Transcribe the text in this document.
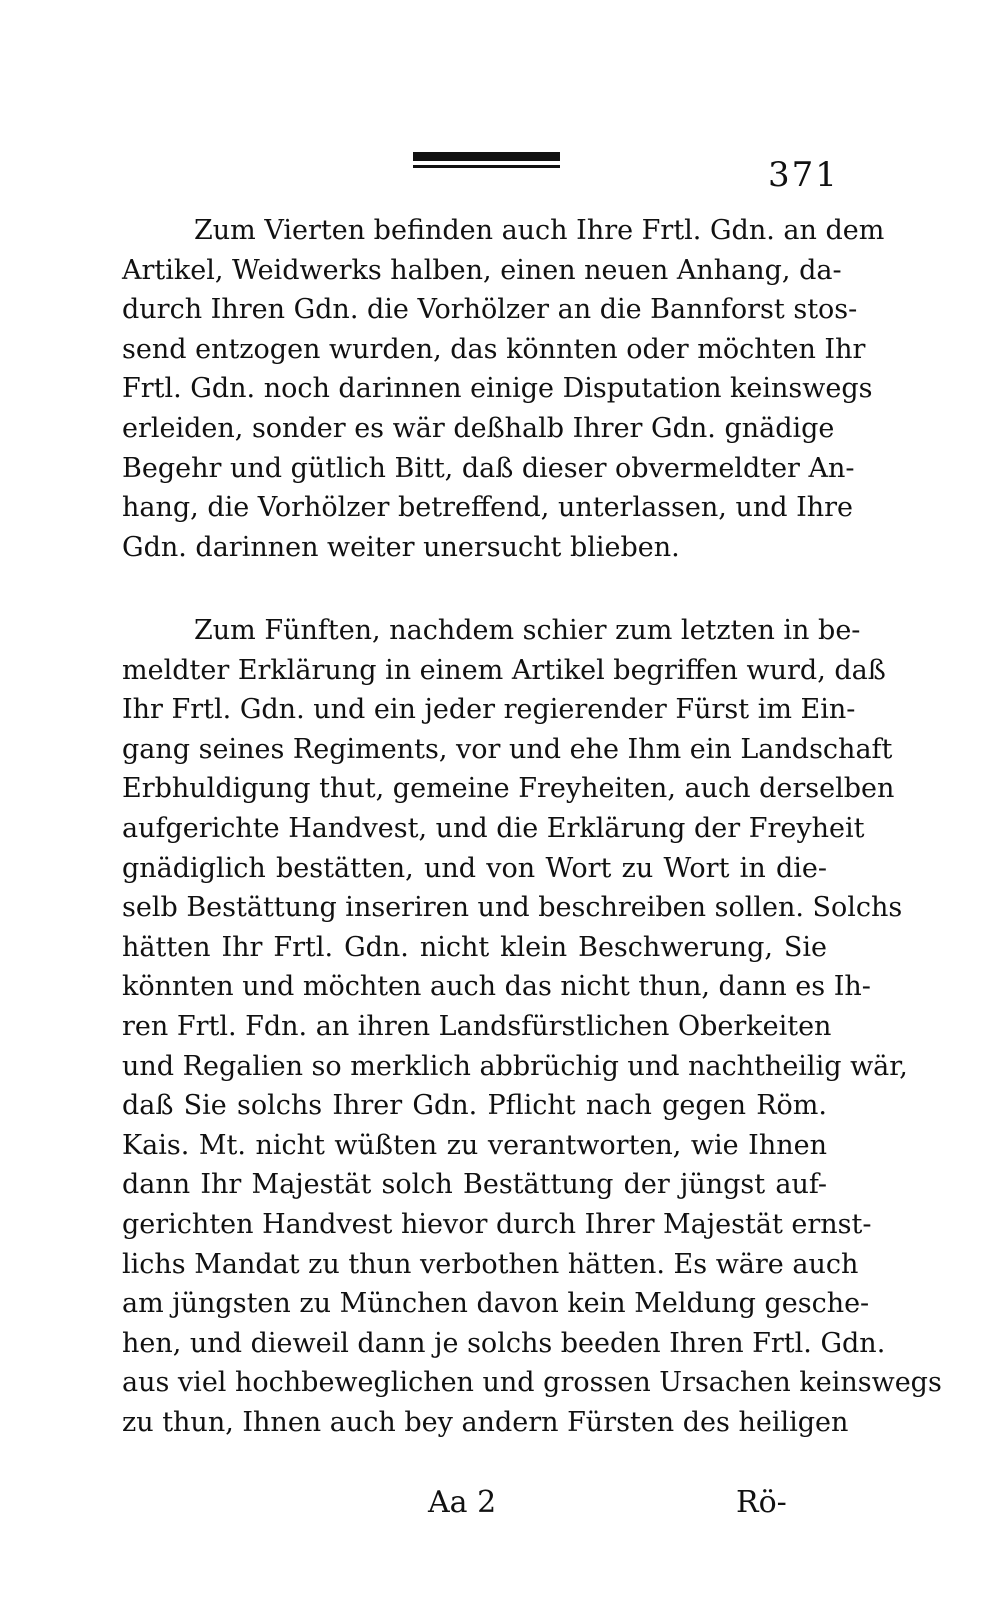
371
Zum Vierten befinden auch Ihre Frtl. Gdn. an dem
Artikel, Weidwerks halben, einen neuen Anhang, da-
durch Ihren Gdn. die Vorhölzer an die Bannforst stos-
send entzogen wurden, das könnten oder möchten Ihr
Frtl. Gdn. noch darinnen einige Disputation keinswegs
erleiden, sonder es wär deßhalb Ihrer Gdn. gnädige
Begehr und gütlich Bitt, daß dieser obvermeldter An-
hang, die Vorhölzer betreffend, unterlassen, und Ihre
Gdn. darinnen weiter unersucht blieben.
Zum Fünften, nachdem schier zum letzten in be-
meldter Erklärung in einem Artikel begriffen wurd, daß
Ihr Frtl. Gdn. und ein jeder regierender Fürst im Ein-
gang seines Regiments, vor und ehe Ihm ein Landschaft
Erbhuldigung thut, gemeine Freyheiten, auch derselben
aufgerichte Handvest, und die Erklärung der Freyheit
gnädiglich bestätten, und von Wort zu Wort in die-
selb Bestättung inseriren und beschreiben sollen. Solchs
hätten Ihr Frtl. Gdn. nicht klein Beschwerung, Sie
könnten und möchten auch das nicht thun, dann es Ih-
ren Frtl. Fdn. an ihren Landsfürstlichen Oberkeiten
und Regalien so merklich abbrüchig und nachtheilig wär,
daß Sie solchs Ihrer Gdn. Pflicht nach gegen Röm.
Kais. Mt. nicht wüßten zu verantworten, wie Ihnen
dann Ihr Majestät solch Bestättung der jüngst auf-
gerichten Handvest hievor durch Ihrer Majestät ernst-
lichs Mandat zu thun verbothen hätten. Es wäre auch
am jüngsten zu München davon kein Meldung gesche-
hen, und dieweil dann je solchs beeden Ihren Frtl. Gdn.
aus viel hochbeweglichen und grossen Ursachen keinswegs
zu thun, Ihnen auch bey andern Fürsten des heiligen
Aa 2	Rö-
